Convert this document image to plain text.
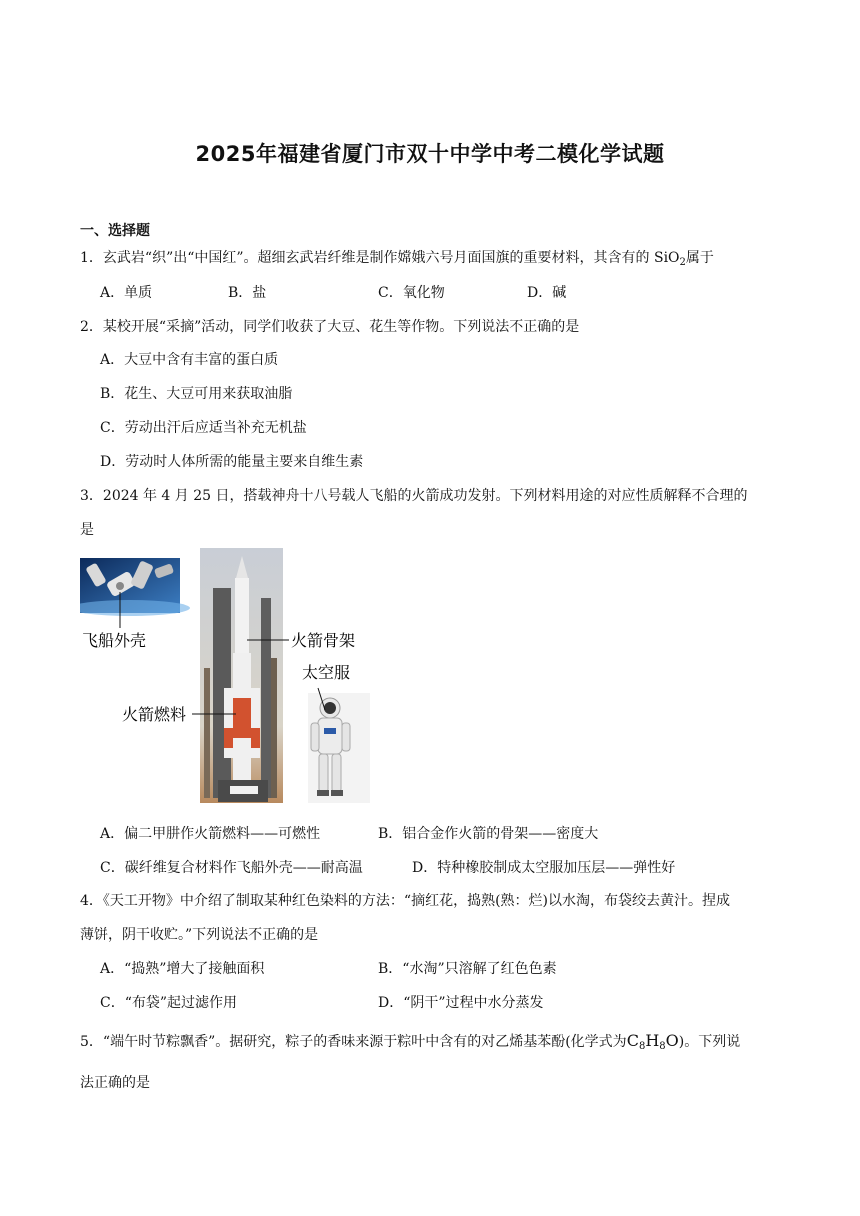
2025年福建省厦门市双十中学中考二模化学试题
一、选择题
1．玄武岩“织”出“中国红”。超细玄武岩纤维是制作嫦娥六号月面国旗的重要材料，其含有的 SiO$_2$属于
A．单质	B．盐	C．氧化物	D．碱
2．某校开展“采摘”活动，同学们收获了大豆、花生等作物。下列说法不正确的是
A．大豆中含有丰富的蛋白质
B．花生、大豆可用来获取油脂
C．劳动出汗后应适当补充无机盐
D．劳动时人体所需的能量主要来自维生素
3．2024 年 4 月 25 日，搭载神舟十八号载人飞船的火箭成功发射。下列材料用途的对应性质解释不合理的
是
飞船外壳	火箭骨架
太空服
火箭燃料
A．偏二甲肼作火箭燃料——可燃性	B．铝合金作火箭的骨架——密度大
C．碳纤维复合材料作飞船外壳——耐高温	D．特种橡胶制成太空服加压层——弹性好
4．《天工开物》中介绍了制取某种红色染料的方法：“摘红花，捣熟(熟：烂)以水淘，布袋绞去黄汁。捏成
薄饼，阴干收贮。”下列说法不正确的是
A．“捣熟”增大了接触面积	B．“水淘”只溶解了红色色素
C．“布袋”起过滤作用	D．“阴干”过程中水分蒸发
5．“端午时节粽飘香”。据研究，粽子的香味来源于粽叶中含有的对乙烯基苯酚(化学式为$C_8H_8O$)。下列说
法正确的是
